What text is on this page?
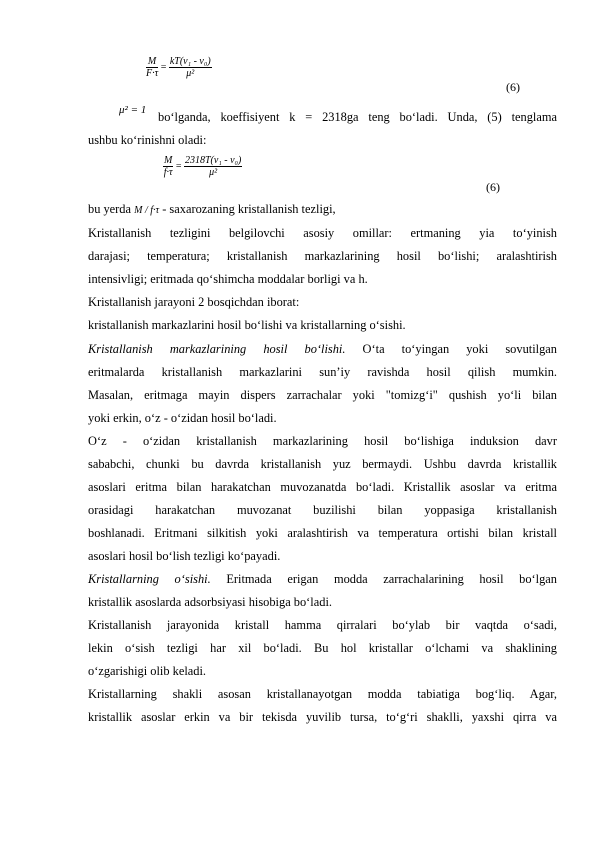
$\frac{M}{F\cdot\tau} = \frac{\text{kT(v₁ - v₀)}}{\text{μ²}}$
(6)
μ² = 1 bo‘lganda, koeffisiyent k = 2318ga teng bo‘ladi. Unda, (5) tenglama
ushbu ko‘rinishni oladi:
$\frac{M}{f\cdot\tau} = \frac{\text{2318T(v₁ - v₀)}}{\text{μ²}}$
(6)
bu yerda M / f·τ - saxarozaning kristallanish tezligi,
Kristallanish tezligini belgilovchi asosiy omillar: ertmaning yia to‘yinish
darajasi; temperatura; kristallanish markazlarining hosil bo‘lishi; aralashtirish
intensivligi; eritmada qo‘shimcha moddalar borligi va h.
Kristallanish jarayoni 2 bosqichdan iborat:
kristallanish markazlarini hosil bo‘lishi va kristallarning o‘sishi.
Kristallanish markazlarining hosil bo‘lishi. O‘ta to‘yingan yoki sovutilgan
eritmalarda kristallanish markazlarini sun’iy ravishda hosil qilish mumkin.
Masalan, eritmaga mayin dispers zarrachalar yoki "tomizg‘i" qushish yo‘li bilan
yoki erkin, o‘z - o‘zidan hosil bo‘ladi.
O‘z - o‘zidan kristallanish markazlarining hosil bo‘lishiga induksion davr
sababchi, chunki bu davrda kristallanish yuz bermaydi. Ushbu davrda kristallik
asoslari eritma bilan harakatchan muvozanatda bo‘ladi. Kristallik asoslar va eritma
orasidagi harakatchan muvozanat buzilishi bilan yoppasiga kristallanish
boshlanadi. Eritmani silkitish yoki aralashtirish va temperatura ortishi bilan kristall
asoslari hosil bo‘lish tezligi ko‘payadi.
Kristallarning o‘sishi. Eritmada erigan modda zarrachalarining hosil bo‘lgan
kristallik asoslarda adsorbsiyasi hisobiga bo‘ladi.
Kristallanish jarayonida kristall hamma qirralari bo‘ylab bir vaqtda o‘sadi,
lekin o‘sish tezligi har xil bo‘ladi. Bu hol kristallar o‘lchami va shaklining
o‘zgarishigi olib keladi.
Kristallarning shakli asosan kristallanayotgan modda tabiatiga bog‘liq. Agar,
kristallik asoslar erkin va bir tekisda yuvilib tursa, to‘g‘ri shaklli, yaxshi qirra va
